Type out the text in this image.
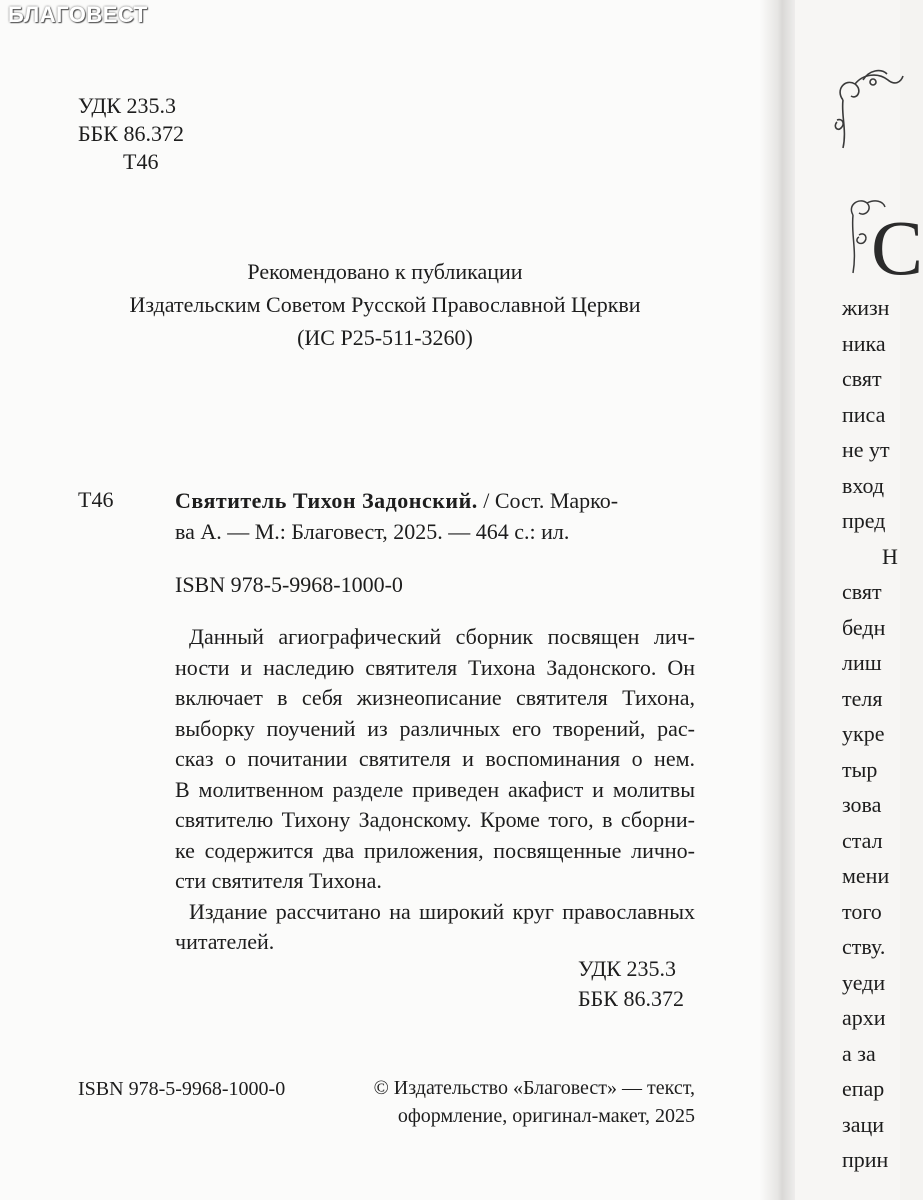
БЛАГОВЕСТ
УДК 235.3
ББК 86.372
Т46
Рекомендовано к публикации
Издательским Советом Русской Православной Церкви
(ИС Р25-511-3260)
Т46	Святитель Тихон Задонский. / Сост. Марко-
ва А. — М.: Благовест, 2025. — 464 с.: ил.
ISBN 978-5-9968-1000-0
Данный агиографический сборник посвящен лич-
ности и наследию святителя Тихона Задонского. Он
включает в себя жизнеописание святителя Тихона,
выборку поучений из различных его творений, рас-
сказ о почитании святителя и воспоминания о нем.
В молитвенном разделе приведен акафист и молитвы
святителю Тихону Задонскому. Кроме того, в сборни-
ке содержится два приложения, посвященные лично-
сти святителя Тихона.
Издание рассчитано на широкий круг православных
читателей.
УДК 235.3
ББК 86.372
ISBN 978-5-9968-1000-0	© Издательство «Благовест» — текст,
оформление, оригинал-макет, 2025
С
жизн
ника
свят
писа
не ут
вход
пред
Н
свят
бедн
лиш
теля
укре
тыр
зова
стал
мени
того
ству.
уеди
архи
а за
епар
заци
прин
